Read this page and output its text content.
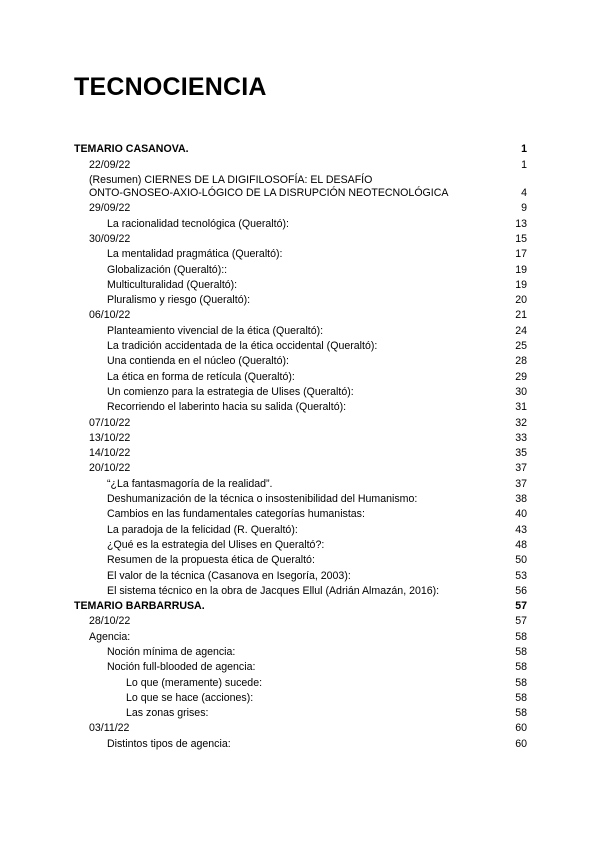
TECNOCIENCIA
TEMARIO CASANOVA.	1
22/09/22	1
(Resumen) CIERNES DE LA DIGIFILOSOFÍA: EL DESAFÍO
ONTO-GNOSEO-AXIO-LÓGICO DE LA DISRUPCIÓN NEOTECNOLÓGICA	4
29/09/22	9
La racionalidad tecnológica (Queraltó):	13
30/09/22	15
La mentalidad pragmática (Queraltó):	17
Globalización (Queraltó)::	19
Multiculturalidad (Queraltó):	19
Pluralismo y riesgo (Queraltó):	20
06/10/22	21
Planteamiento vivencial de la ética (Queraltó):	24
La tradición accidentada de la ética occidental (Queraltó):	25
Una contienda en el núcleo (Queraltó):	28
La ética en forma de retícula (Queraltó):	29
Un comienzo para la estrategia de Ulises (Queraltó):	30
Recorriendo el laberinto hacia su salida (Queraltó):	31
07/10/22	32
13/10/22	33
14/10/22	35
20/10/22	37
“¿La fantasmagoría de la realidad”.	37
Deshumanización de la técnica o insostenibilidad del Humanismo:	38
Cambios en las fundamentales categorías humanistas:	40
La paradoja de la felicidad (R. Queraltó):	43
¿Qué es la estrategia del Ulises en Queraltó?:	48
Resumen de la propuesta ética de Queraltó:	50
El valor de la técnica (Casanova en Isegoría, 2003):	53
El sistema técnico en la obra de Jacques Ellul (Adrián Almazán, 2016):	56
TEMARIO BARBARRUSA.	57
28/10/22	57
Agencia:	58
Noción mínima de agencia:	58
Noción full-blooded de agencia:	58
Lo que (meramente) sucede:	58
Lo que se hace (acciones):	58
Las zonas grises:	58
03/11/22	60
Distintos tipos de agencia:	60
